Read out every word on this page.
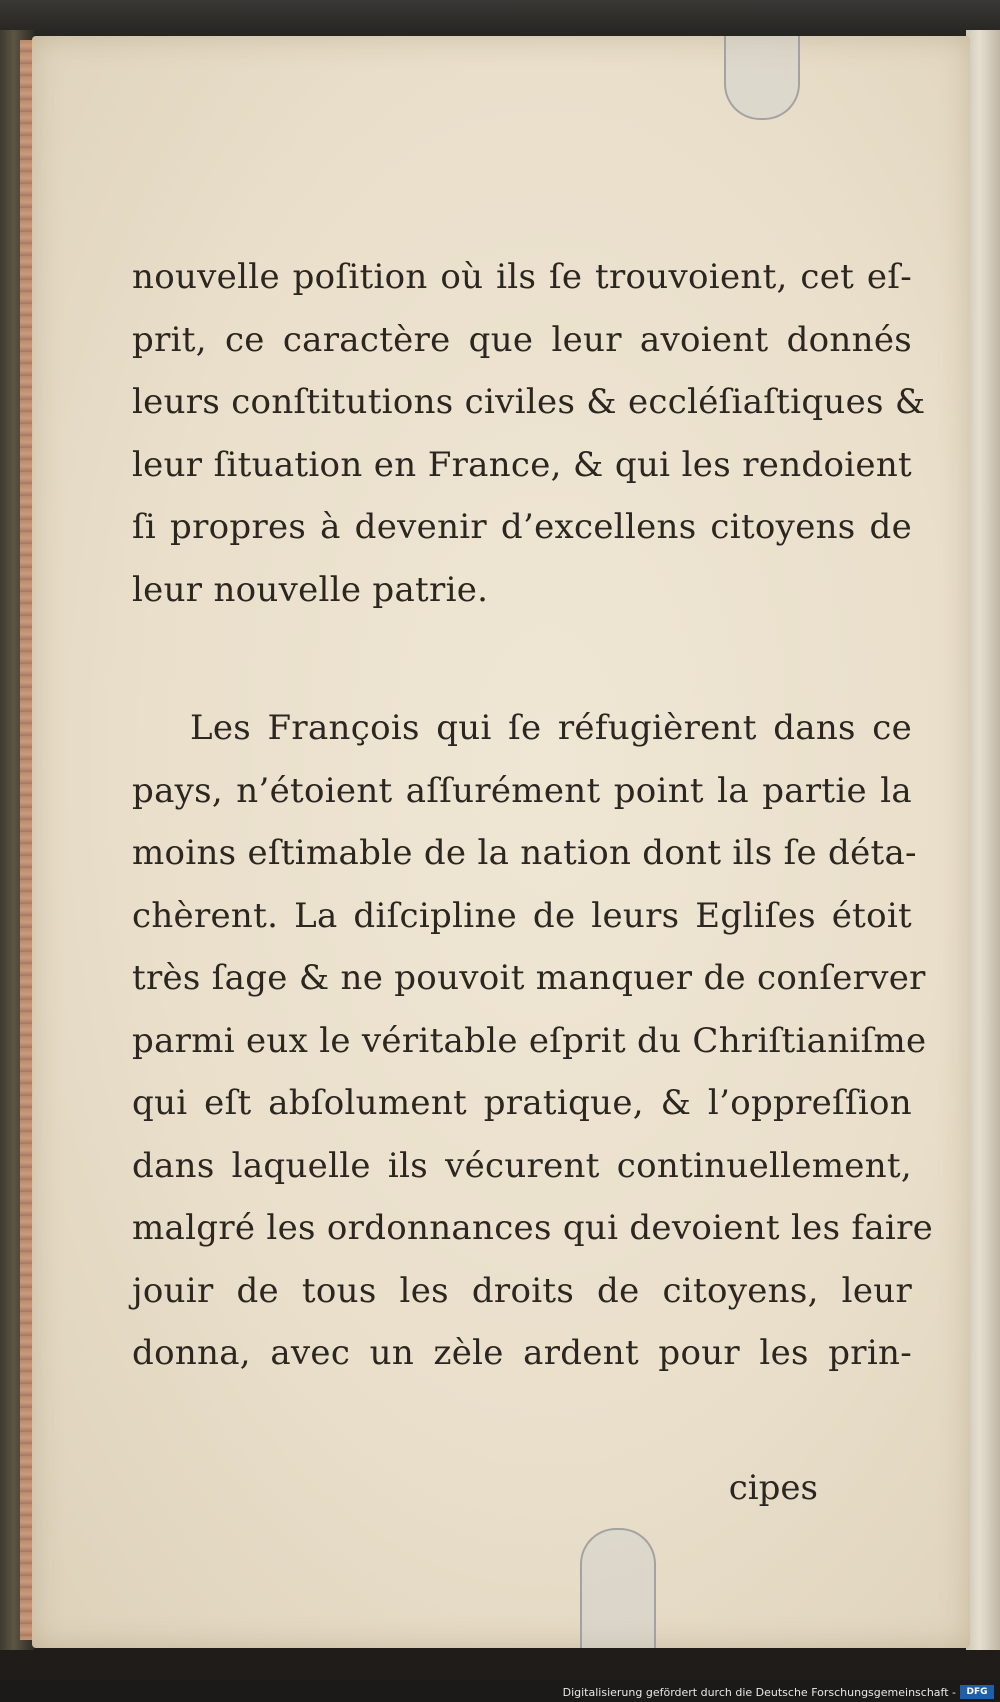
nouvelle poſition où ils ſe trouvoient, cet eſ-
prit, ce caractère que leur avoient donnés
leurs conſtitutions civiles & eccléſiaſtiques &
leur ſituation en France, & qui les rendoient
ſi propres à devenir d’excellens citoyens de
leur nouvelle patrie.
Les François qui ſe réfugièrent dans ce
pays, n’étoient aſſurément point la partie la
moins eſtimable de la nation dont ils ſe déta-
chèrent. La diſcipline de leurs Egliſes étoit
très ſage & ne pouvoit manquer de conſerver
parmi eux le véritable eſprit du Chriſtianiſme
qui eſt abſolument pratique, & l’oppreſſion
dans laquelle ils vécurent continuellement,
malgré les ordonnances qui devoient les faire
jouir de tous les droits de citoyens, leur
donna, avec un zèle ardent pour les prin-
cipes
Digitalisierung gefördert durch die Deutsche Forschungsgemeinschaft -	DFG
